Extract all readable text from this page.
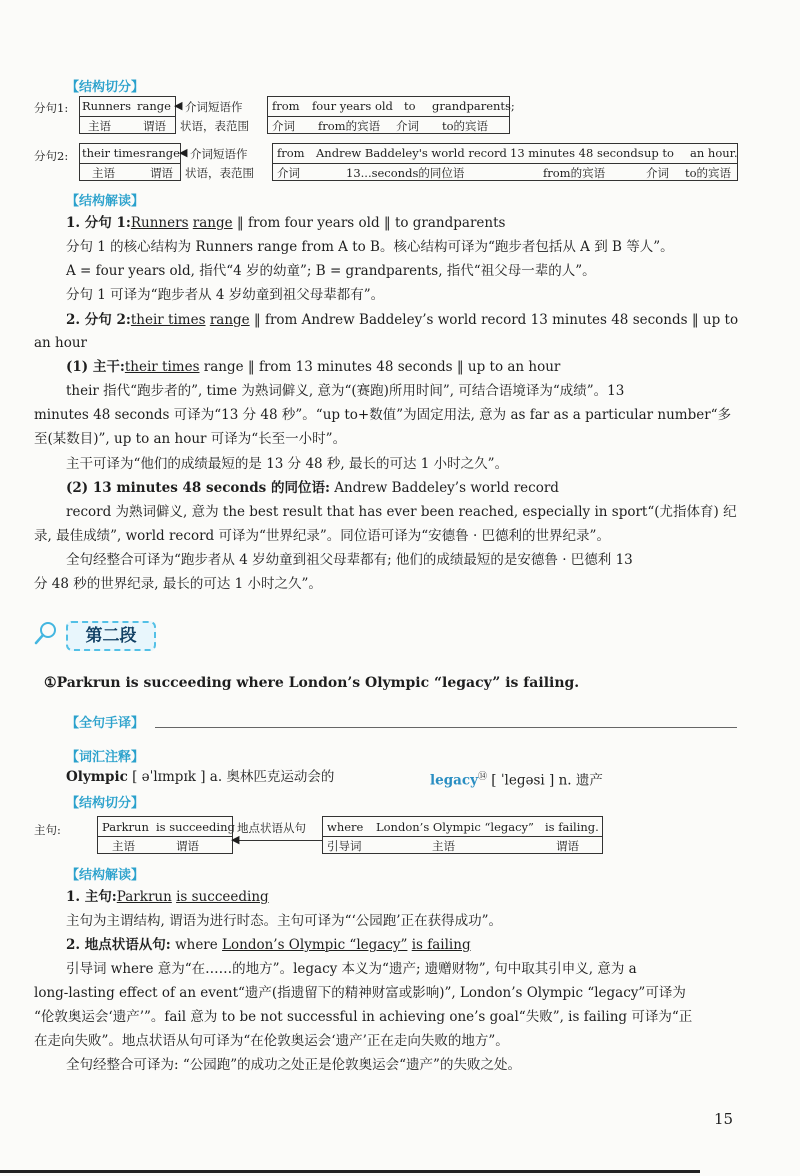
【结构切分】
分句1: Runners range
主语	谓语
◀ 介词短语作
状语，表范围
from four years old to grandparents;
介词 from的宾语 介词 to的宾语
分句2: their times range
主语	谓语
◀ 介词短语作
状语，表范围
from Andrew Baddeley's world record 13 minutes 48 seconds up to an hour.
介词	13...seconds的同位语	from的宾语	介词 to的宾语
【结构解读】
1. 分句 1:Runners range ‖ from four years old ‖ to grandparents
分句 1 的核心结构为 Runners range from A to B。核心结构可译为“跑步者包括从 A 到 B 等人”。
A = four years old, 指代“4 岁的幼童”; B = grandparents, 指代“祖父母一辈的人”。
分句 1 可译为“跑步者从 4 岁幼童到祖父母辈都有”。
2. 分句 2:their times range ‖ from Andrew Baddeley’s world record 13 minutes 48 seconds ‖ up to
an hour
(1) 主干:their times range ‖ from 13 minutes 48 seconds ‖ up to an hour
their 指代“跑步者的”, time 为熟词僻义, 意为“(赛跑)所用时间”, 可结合语境译为“成绩”。13
minutes 48 seconds 可译为“13 分 48 秒”。“up to+数值”为固定用法, 意为 as far as a particular number“多
至(某数目)”, up to an hour 可译为“长至一小时”。
主干可译为“他们的成绩最短的是 13 分 48 秒, 最长的可达 1 小时之久”。
(2) 13 minutes 48 seconds 的同位语: Andrew Baddeley’s world record
record 为熟词僻义, 意为 the best result that has ever been reached, especially in sport“(尤指体育) 纪
录, 最佳成绩”, world record 可译为“世界纪录”。同位语可译为“安德鲁 · 巴德利的世界纪录”。
全句经整合可译为“跑步者从 4 岁幼童到祖父母辈都有; 他们的成绩最短的是安德鲁 · 巴德利 13
分 48 秒的世界纪录, 最长的可达 1 小时之久”。
第二段
①Parkrun is succeeding where London’s Olympic “legacy” is failing.
【全句手译】
【词汇注释】
Olympic [ əˈlɪmpɪk ] a. 奥林匹克运动会的	legacy⑭ [ ˈleɡəsi ] n. 遗产
【结构切分】
主句:	Parkrun is succeeding
主语	谓语
地点状语从句
◀
where London’s Olympic “legacy” is failing.
引导词	主语	谓语
【结构解读】
1. 主句:Parkrun is succeeding
主句为主谓结构, 谓语为进行时态。主句可译为“‘公园跑’正在获得成功”。
2. 地点状语从句: where London’s Olympic “legacy” is failing
引导词 where 意为“在……的地方”。legacy 本义为“遗产; 遗赠财物”, 句中取其引申义, 意为 a
long-lasting effect of an event“遗产(指遗留下的精神财富或影响)”, London’s Olympic “legacy”可译为
“伦敦奥运会‘遗产’”。fail 意为 to be not successful in achieving one’s goal“失败”, is failing 可译为“正
在走向失败”。地点状语从句可译为“在伦敦奥运会‘遗产’正在走向失败的地方”。
全句经整合可译为: “公园跑”的成功之处正是伦敦奥运会“遗产”的失败之处。
15
